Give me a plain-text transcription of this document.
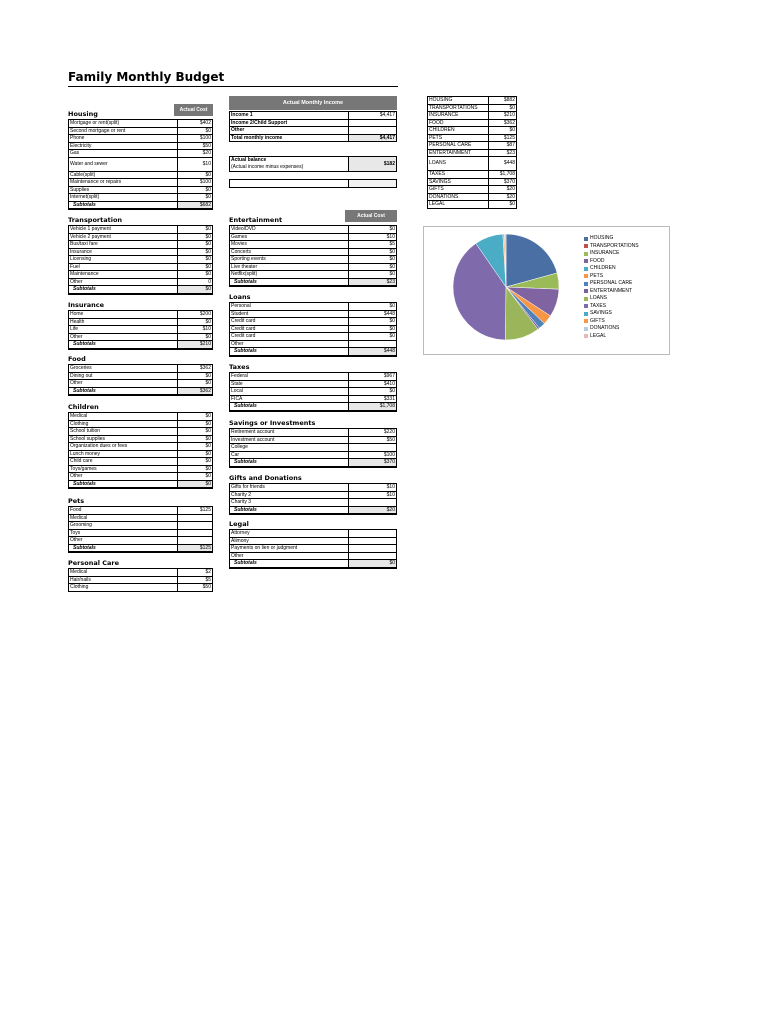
Family Monthly Budget
Actual Cost
Housing
Mortgage or rent(split)	$402
Second mortgage or rent	$0
Phone	$100
Electricity	$50
Gas	$20
Water and sewer	$10
Cable(split)	$0
Maintenance or repairs	$100
Supplies	$0
Internet(split)	$0
Subtotals	$682
Transportation
Vehicle 1 payment	$0
Vehicle 2 payment	$0
Bus/taxi fare	$0
Insurance	$0
Licensing	$0
Fuel	$0
Maintenance	$0
Other	0
Subtotals	$0
Insurance
Home	$200
Health	$0
Life	$10
Other	$0
Subtotals	$210
Food
Groceries	$362
Dining out	$0
Other	$0
Subtotals	$362
Children
Medical	$0
Clothing	$0
School tuition	$0
School supplies	$0
Organization dues or fees	$0
Lunch money	$0
Child care	$0
Toys/games	$0
Other	$0
Subtotals	$0
Pets
Food	$125
Medical	
Grooming	
Toys	
Other	
Subtotals	$125
Personal Care
Medical	$2
Hair/nails	$5
Clothing	$50
Actual Cost
Entertainment
Video/DVD	$0
Games	$10
Movies	$5
Concerts	$0
Sporting events	$0
Live theater	$0
Netflix(split)	$0
Subtotals	$23
Loans
Personal	$0
Student	$448
Credit card	$0
Credit card	$0
Credit card	$0
Other	
Subtotals	$448
Taxes
Federal	$967
State	$410
Local	$0
FICA	$331
Subtotals	$1,708
Savings or Investments
Retirement account	$220
Investment account	$50
College	
Car	$100
Subtotals	$370
Gifts and Donations
Gifts for friends	$10
Charity 2	$10
Charity 3	
Subtotals	$20
Legal
Attorney	
Alimony	
Payments on lien or judgment	
Other	
Subtotals	$0
Actual Monthly Income
Income 1	$4,417
Income 2/Child Support	
Other	
Total monthly income	$4,417
Actual balance
(Actual income minus expenses)
	$182

HOUSING	$882
TRANSPORTATIONS	$0
INSURANCE	$210
FOOD	$362
CHILDREN	$0
PETS	$125
PERSONAL CARE	$87
ENTERTAINMENT	$23
LOANS	$448
TAXES	$1,708
SAVINGS	$370
GIFTS	$20
DONATIONS	$20
LEGAL	$0
HOUSING
TRANSPORTATIONS
INSURANCE
FOOD
CHILDREN
PETS
PERSONAL CARE
ENTERTAINMENT
LOANS
TAXES
SAVINGS
GIFTS
DONATIONS
LEGAL
